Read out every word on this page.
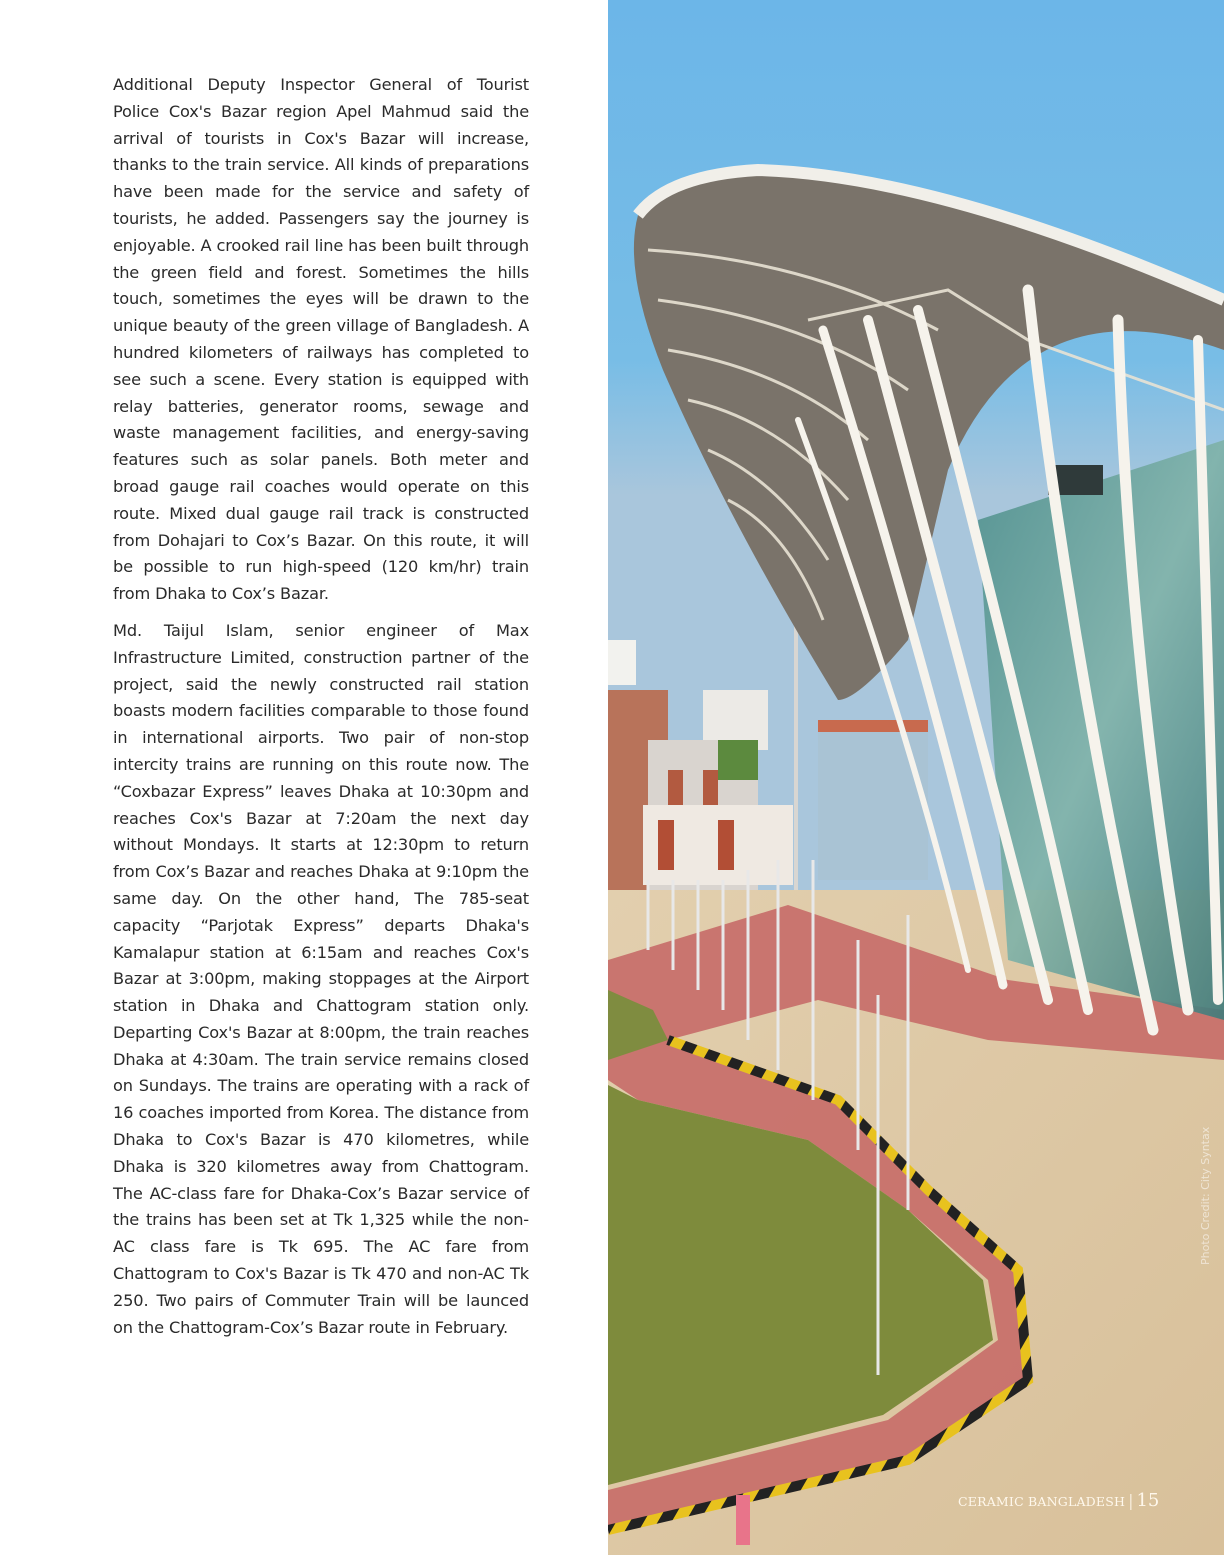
Additional Deputy Inspector General of Tourist Police Cox's Bazar region Apel Mahmud said the arrival of tourists in Cox's Bazar will increase, thanks to the train service. All kinds of preparations have been made for the service and safety of tourists, he added. Passengers say the journey is enjoyable. A crooked rail line has been built through the green field and forest. Sometimes the hills touch, sometimes the eyes will be drawn to the unique beauty of the green village of Bangladesh. A hundred kilometers of railways has completed to see such a scene. Every station is equipped with relay batteries, generator rooms, sewage and waste management facilities, and energy-saving features such as solar panels. Both meter and broad gauge rail coaches would operate on this route. Mixed dual gauge rail track is constructed from Dohajari to Cox’s Bazar. On this route, it will be possible to run high-speed (120 km/hr) train from Dhaka to Cox’s Bazar.

Md. Taijul Islam, senior engineer of Max Infrastructure Limited, construction partner of the project, said the newly constructed rail station boasts modern facilities comparable to those found in international airports. Two pair of non-stop intercity trains are running on this route now. The “Coxbazar Express” leaves Dhaka at 10:30pm and reaches Cox's Bazar at 7:20am the next day without Mondays. It starts at 12:30pm to return from Cox’s Bazar and reaches Dhaka at 9:10pm the same day. On the other hand, The 785-seat capacity “Parjotak Express” departs Dhaka's Kamalapur station at 6:15am and reaches Cox's Bazar at 3:00pm, making stoppages at the Airport station in Dhaka and Chattogram station only. Departing Cox's Bazar at 8:00pm, the train reaches Dhaka at 4:30am. The train service remains closed on Sundays. The trains are operating with a rack of 16 coaches imported from Korea. The distance from Dhaka to Cox's Bazar is 470 kilometres, while Dhaka is 320 kilometres away from Chattogram. The AC-class fare for Dhaka-Cox’s Bazar service of the trains has been set at Tk 1,325 while the non-AC class fare is Tk 695. The AC fare from Chattogram to Cox's Bazar is Tk 470 and non-AC Tk 250. Two pairs of Commuter Train will be launced on the Chattogram-Cox’s Bazar route in February.

Photo Credit: City Syntax
CERAMIC BANGLADESH | 15
